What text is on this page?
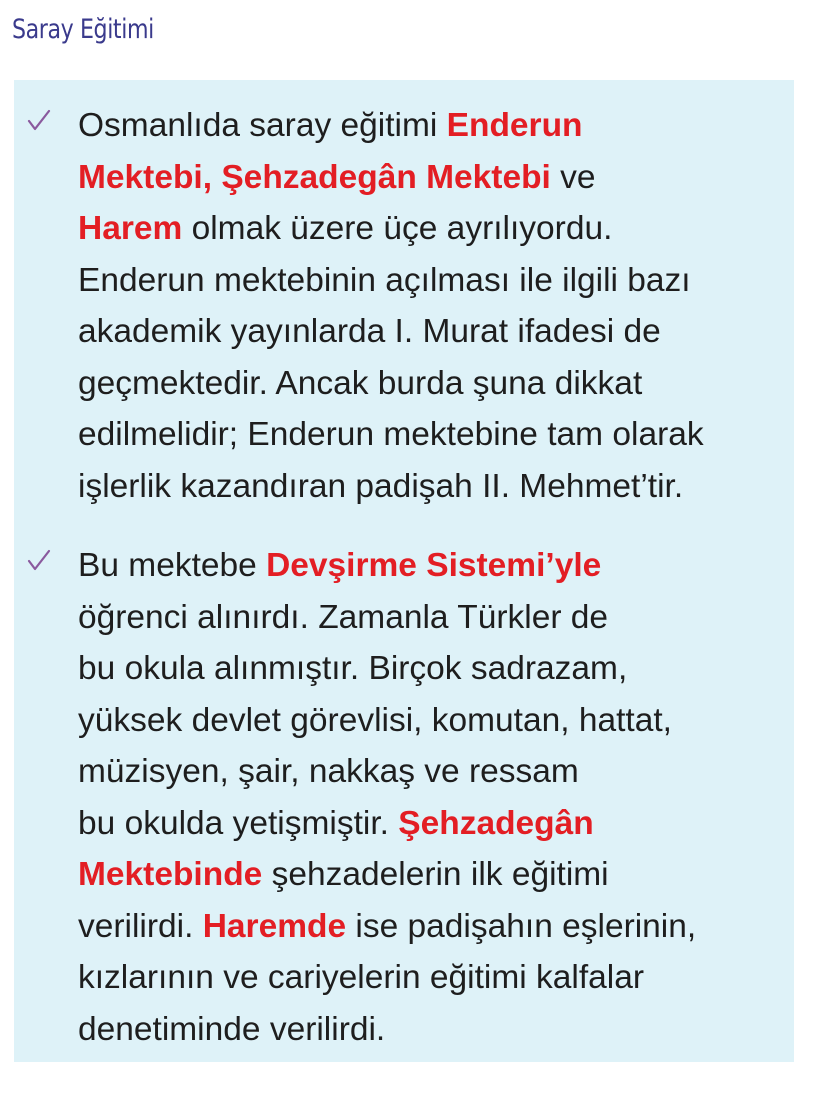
Saray Eğitimi

Osmanlıda saray eğitimi Enderun
Mektebi, Şehzadegân Mektebi ve
Harem olmak üzere üçe ayrılıyordu.
Enderun mektebinin açılması ile ilgili bazı
akademik yayınlarda I. Murat ifadesi de
geçmektedir. Ancak burda şuna dikkat
edilmelidir; Enderun mektebine tam olarak
işlerlik kazandıran padişah II. Mehmet’tir.

Bu mektebe Devşirme Sistemi’yle
öğrenci alınırdı. Zamanla Türkler de
bu okula alınmıştır. Birçok sadrazam,
yüksek devlet görevlisi, komutan, hattat,
müzisyen, şair, nakkaş ve ressam
bu okulda yetişmiştir. Şehzadegân
Mektebinde şehzadelerin ilk eğitimi
verilirdi. Haremde ise padişahın eşlerinin,
kızlarının ve cariyelerin eğitimi kalfalar
denetiminde verilirdi.
